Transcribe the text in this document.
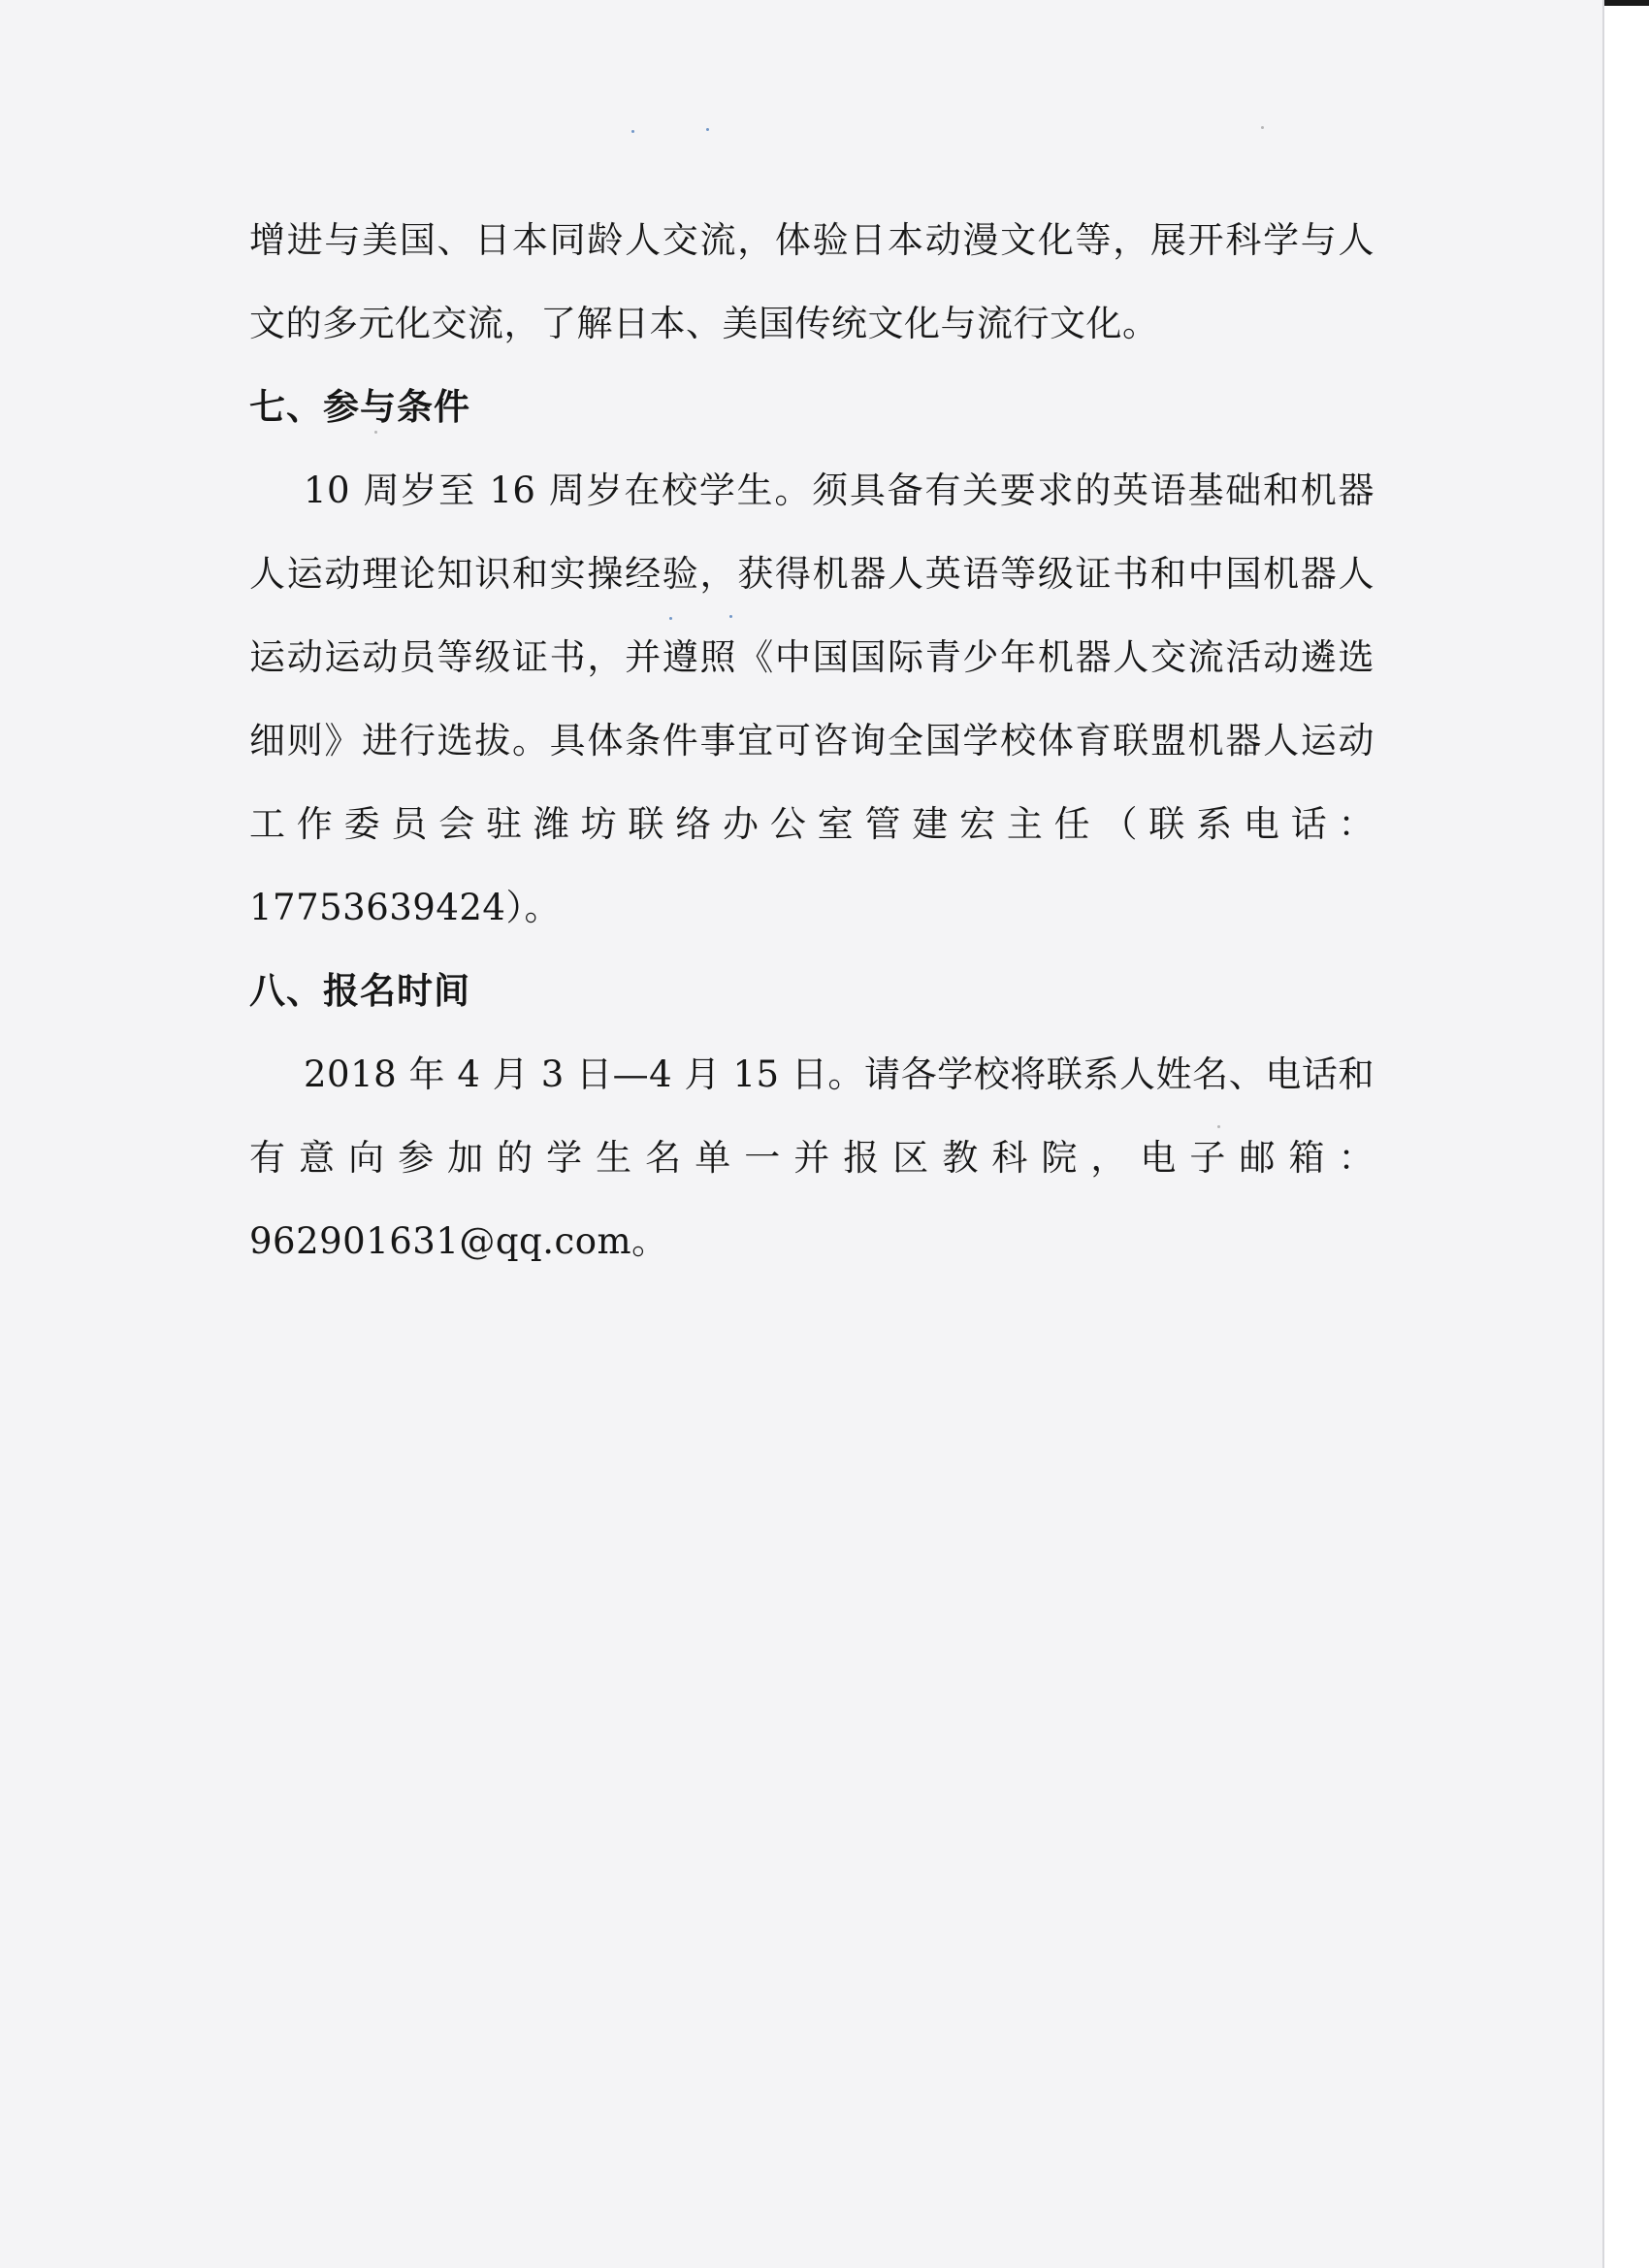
增进与美国、日本同龄人交流，体验日本动漫文化等，展开科学与人文的多元化交流，了解日本、美国传统文化与流行文化。

七、参与条件

10 周岁至 16 周岁在校学生。须具备有关要求的英语基础和机器人运动理论知识和实操经验，获得机器人英语等级证书和中国机器人运动运动员等级证书，并遵照《中国国际青少年机器人交流活动遴选细则》进行选拔。具体条件事宜可咨询全国学校体育联盟机器人运动工作委员会驻潍坊联络办公室管建宏主任（联系电话：17753639424）。

八、报名时间

2018 年 4 月 3 日—4 月 15 日。请各学校将联系人姓名、电话和有意向参加的学生名单一并报区教科院，电子邮箱：962901631@qq.com。
